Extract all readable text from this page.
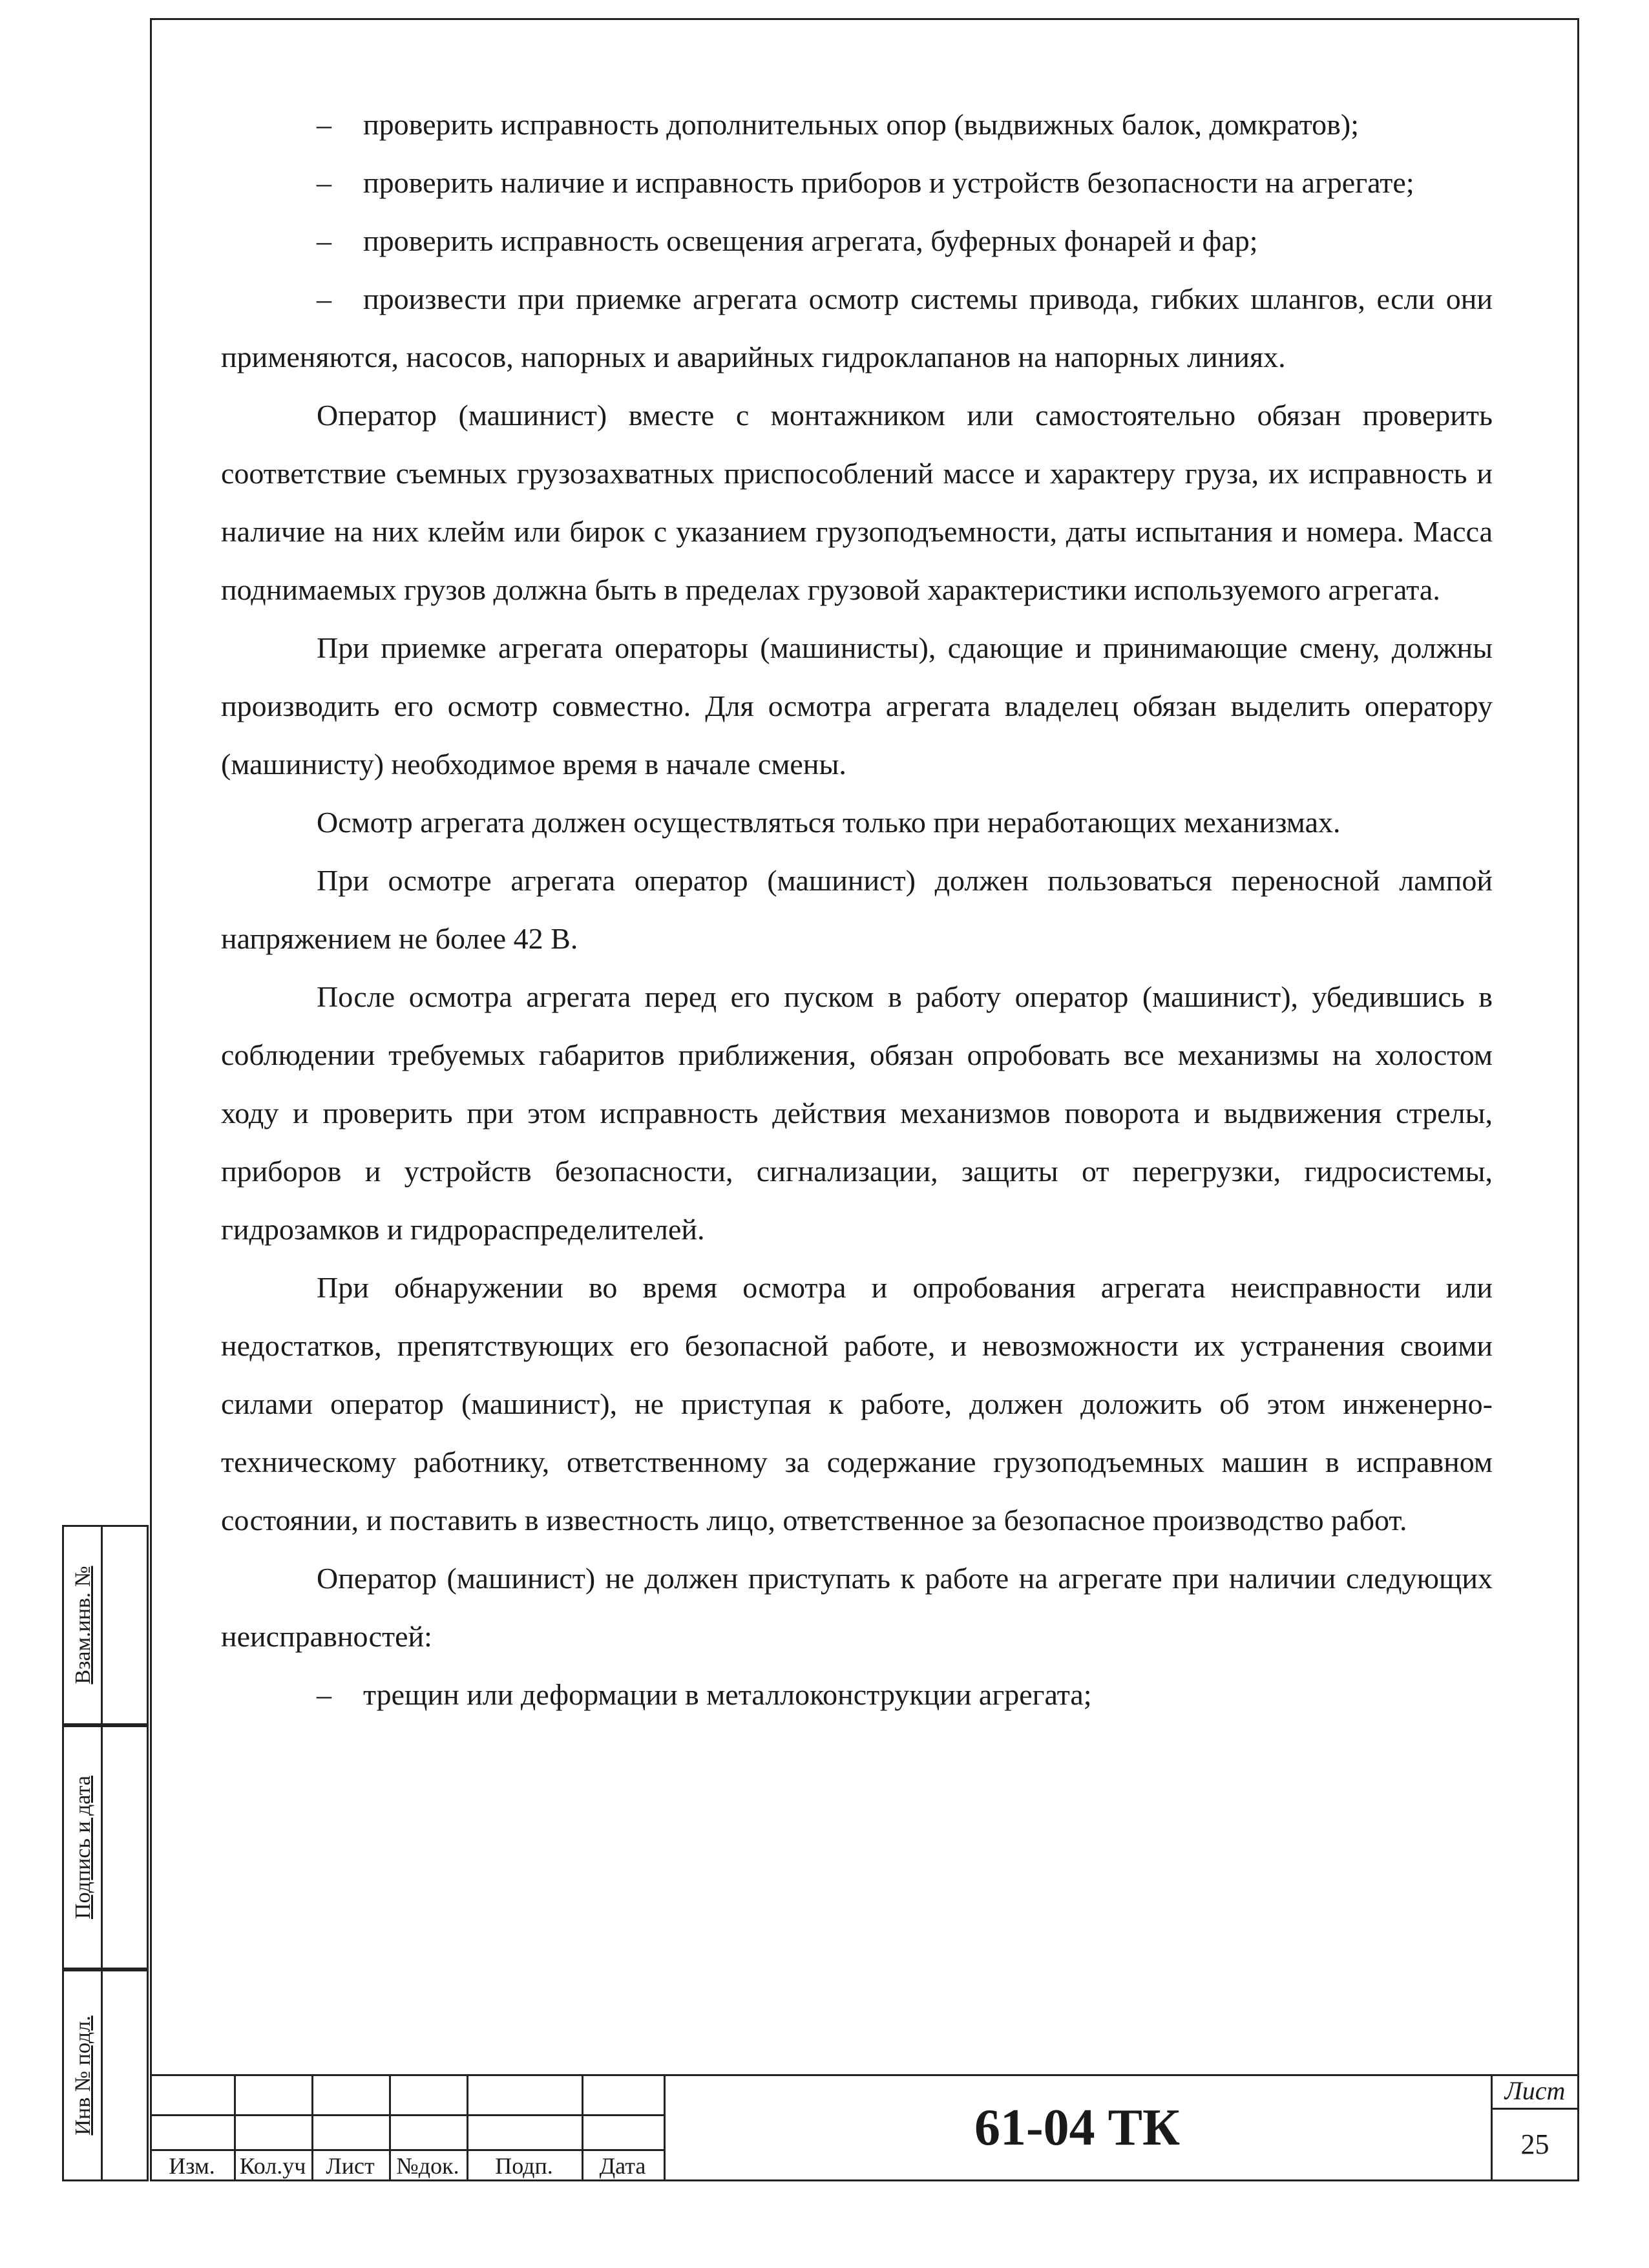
– проверить исправность дополнительных опор (выдвижных балок, домкратов);

– проверить наличие и исправность приборов и устройств безопасности на агрегате;

– проверить исправность освещения агрегата, буферных фонарей и фар;

– произвести при приемке агрегата осмотр системы привода, гибких шлангов, если они применяются, насосов, напорных и аварийных гидроклапанов на напорных линиях.

Оператор (машинист) вместе с монтажником или самостоятельно обязан проверить соответствие съемных грузозахватных приспособлений массе и характеру груза, их исправность и наличие на них клейм или бирок с указанием грузоподъемности, даты испытания и номера. Масса поднимаемых грузов должна быть в пределах грузовой характеристики используемого агрегата.

При приемке агрегата операторы (машинисты), сдающие и принимающие смену, должны производить его осмотр совместно. Для осмотра агрегата владелец обязан выделить оператору (машинисту) необходимое время в начале смены.

Осмотр агрегата должен осуществляться только при неработающих механизмах.

При осмотре агрегата оператор (машинист) должен пользоваться переносной лампой напряжением не более 42 В.

После осмотра агрегата перед его пуском в работу оператор (машинист), убедившись в соблюдении требуемых габаритов приближения, обязан опробовать все механизмы на холостом ходу и проверить при этом исправность действия механизмов поворота и выдвижения стрелы, приборов и устройств безопасности, сигнализации, защиты от перегрузки, гидросистемы, гидрозамков и гидрораспределителей.

При обнаружении во время осмотра и опробования агрегата неисправности или недостатков, препятствующих его безопасной работе, и невозможности их устранения своими силами оператор (машинист), не приступая к работе, должен доложить об этом инженерно-техническому работнику, ответственному за содержание грузоподъемных машин в исправном состоянии, и поставить в известность лицо, ответственное за безопасное производство работ.

Оператор (машинист) не должен приступать к работе на агрегате при наличии следующих неисправностей:

– трещин или деформации в металлоконструкции агрегата;

Взам.инв. №
Подпись и дата
Инв № подл.
Изм.	Кол.уч Лист №док.	Подп.	Дата
61-04 ТК
Лист
25
